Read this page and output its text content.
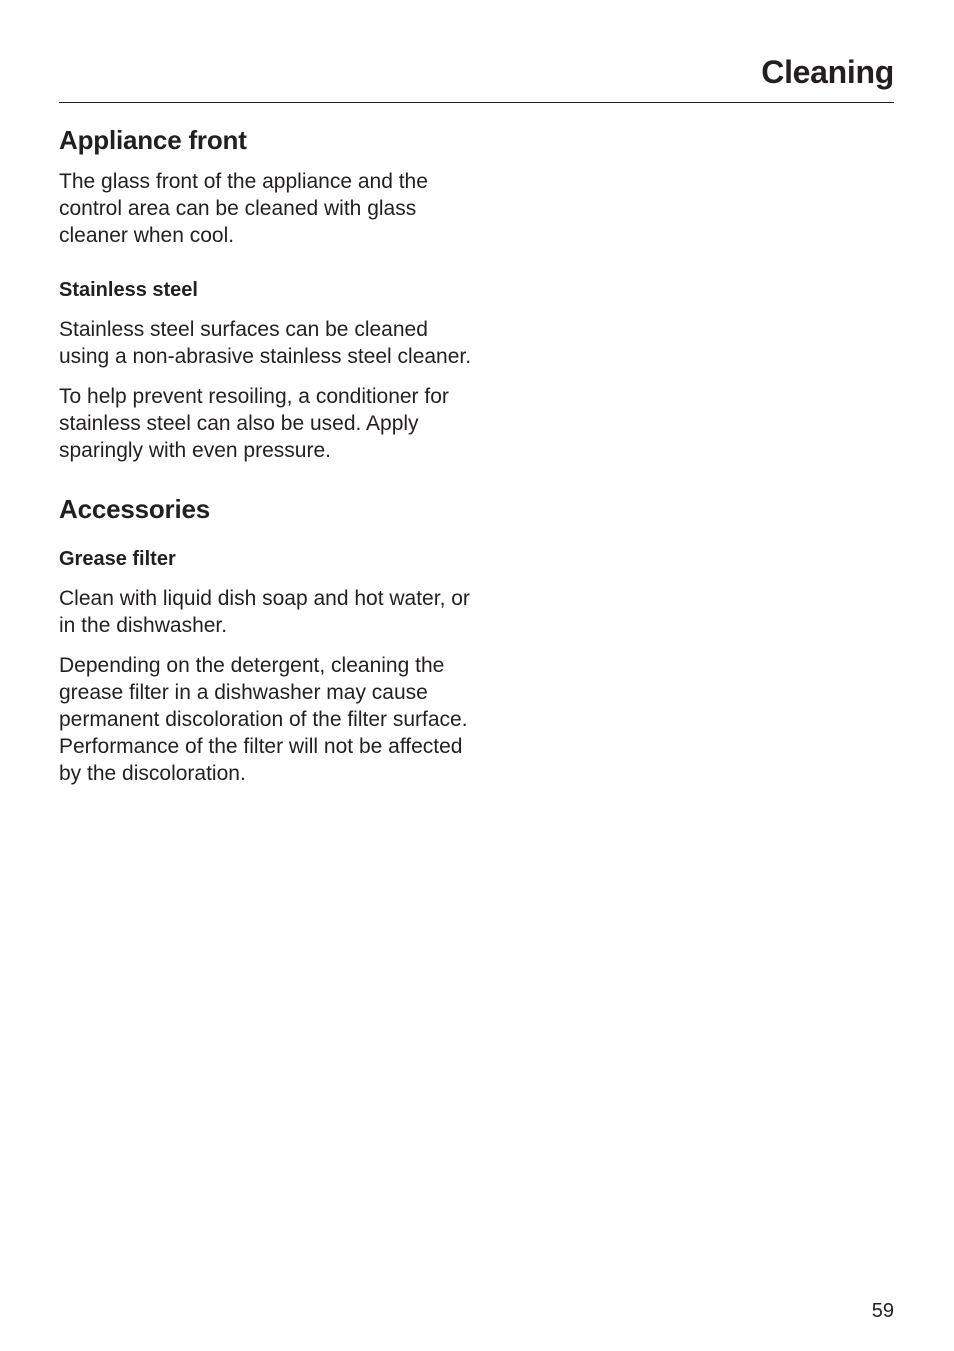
Cleaning
Appliance front

The glass front of the appliance and the control area can be cleaned with glass cleaner when cool.

Stainless steel

Stainless steel surfaces can be cleaned using a non-abrasive stainless steel cleaner.

To help prevent resoiling, a conditioner for stainless steel can also be used. Apply sparingly with even pressure.

Accessories
Grease filter

Clean with liquid dish soap and hot water, or in the dishwasher.

Depending on the detergent, cleaning the grease filter in a dishwasher may cause permanent discoloration of the filter surface. Performance of the filter will not be affected by the discoloration.

59
